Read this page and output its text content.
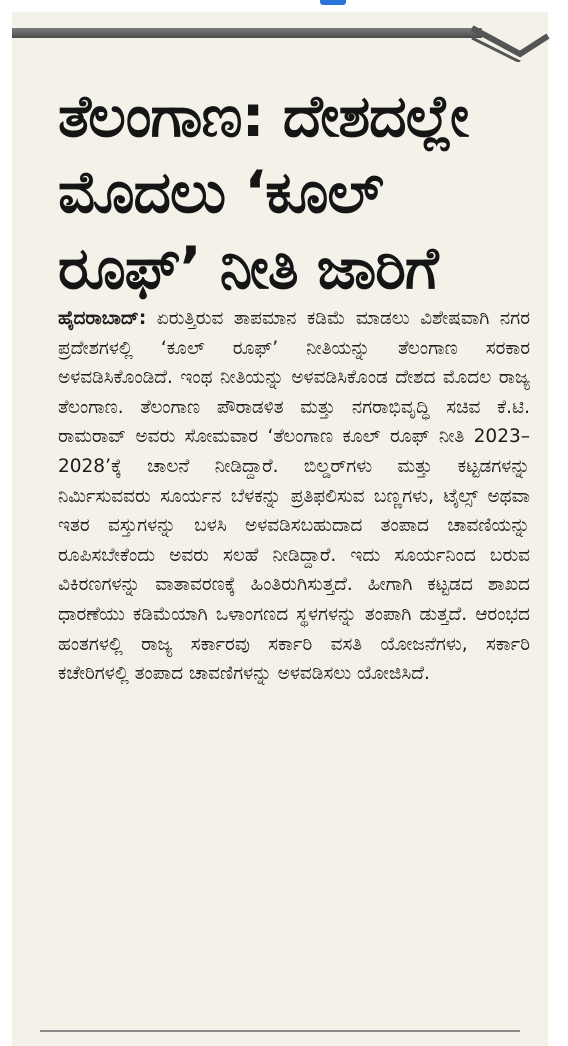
ತೆಲಂಗಾಣ: ದೇಶದಲ್ಲೇ ಮೊದಲು ‘ಕೂಲ್ ರೂಫ್’ ನೀತಿ ಜಾರಿಗೆ

ಹೈದರಾಬಾದ್: ಏರುತ್ತಿರುವ ತಾಪಮಾನ ಕಡಿಮೆ ಮಾಡಲು ವಿಶೇಷವಾಗಿ ನಗರ ಪ್ರದೇಶಗಳಲ್ಲಿ ‘ಕೂಲ್ ರೂಫ್’ ನೀತಿಯನ್ನು ತೆಲಂಗಾಣ ಸರಕಾರ ಅಳವಡಿಸಿಕೊಂಡಿದೆ. ಇಂಥ ನೀತಿಯನ್ನು ಅಳವಡಿಸಿಕೊಂಡ ದೇಶದ ಮೊದಲ ರಾಜ್ಯ ತೆಲಂಗಾಣ. ತೆಲಂಗಾಣ ಪೌರಾಡಳಿತ ಮತ್ತು ನಗರಾಭಿವೃದ್ಧಿ ಸಚಿವ ಕೆ.ಟಿ. ರಾಮರಾವ್ ಅವರು ಸೋಮವಾರ ‘ತೆಲಂಗಾಣ ಕೂಲ್ ರೂಫ್ ನೀತಿ 2023–2028’ಕ್ಕೆ ಚಾಲನೆ ನೀಡಿದ್ದಾರೆ. ಬಿಲ್ಡರ್‌ಗಳು ಮತ್ತು ಕಟ್ಟಡಗಳನ್ನು ನಿರ್ಮಿಸುವವರು ಸೂರ್ಯನ ಬೆಳಕನ್ನು ಪ್ರತಿಫಲಿಸುವ ಬಣ್ಣಗಳು, ಟೈಲ್ಸ್ ಅಥವಾ ಇತರ ವಸ್ತುಗಳನ್ನು ಬಳಸಿ ಅಳವಡಿಸಬಹುದಾದ ತಂಪಾದ ಚಾವಣಿಯನ್ನು ರೂಪಿಸಬೇಕೆಂದು ಅವರು ಸಲಹೆ ನೀಡಿದ್ದಾರೆ. ಇದು ಸೂರ್ಯನಿಂದ ಬರುವ ವಿಕಿರಣಗಳನ್ನು ವಾತಾವರಣಕ್ಕೆ ಹಿಂತಿರುಗಿಸುತ್ತದೆ. ಹೀಗಾಗಿ ಕಟ್ಟಡದ ಶಾಖದ ಧಾರಣೆಯು ಕಡಿಮೆಯಾಗಿ ಒಳಾಂಗಣದ ಸ್ಥಳಗಳನ್ನು ತಂಪಾಗಿ ಡುತ್ತದೆ. ಆರಂಭದ ಹಂತಗಳಲ್ಲಿ ರಾಜ್ಯ ಸರ್ಕಾರವು ಸರ್ಕಾರಿ ವಸತಿ ಯೋಜನೆಗಳು, ಸರ್ಕಾರಿ ಕಚೇರಿಗಳಲ್ಲಿ ತಂಪಾದ ಚಾವಣಿಗಳನ್ನು ಅಳವಡಿಸಲು ಯೋಜಿಸಿದೆ.
